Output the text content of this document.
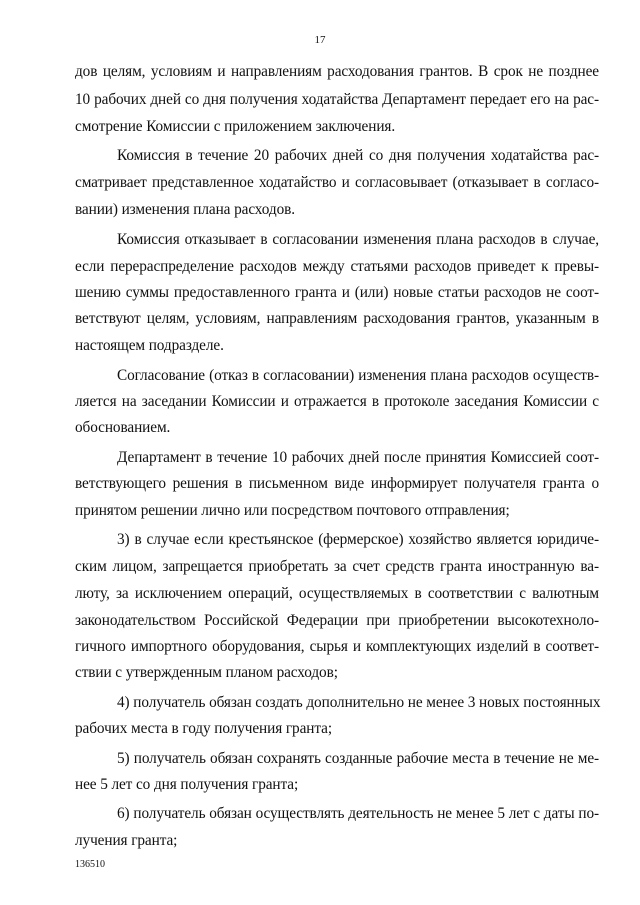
17
дов целям, условиям и направлениям расходования грантов. В срок не позднее
10 рабочих дней со дня получения ходатайства Департамент передает его на рас-
смотрение Комиссии с приложением заключения.
Комиссия в течение 20 рабочих дней со дня получения ходатайства рас-
сматривает представленное ходатайство и согласовывает (отказывает в согласо-
вании) изменения плана расходов.
Комиссия отказывает в согласовании изменения плана расходов в случае,
если перераспределение расходов между статьями расходов приведет к превы-
шению суммы предоставленного гранта и (или) новые статьи расходов не соот-
ветствуют целям, условиям, направлениям расходования грантов, указанным в
настоящем подразделе.
Согласование (отказ в согласовании) изменения плана расходов осуществ-
ляется на заседании Комиссии и отражается в протоколе заседания Комиссии с
обоснованием.
Департамент в течение 10 рабочих дней после принятия Комиссией соот-
ветствующего решения в письменном виде информирует получателя гранта о
принятом решении лично или посредством почтового отправления;
3) в случае если крестьянское (фермерское) хозяйство является юридиче-
ским лицом, запрещается приобретать за счет средств гранта иностранную ва-
люту, за исключением операций, осуществляемых в соответствии с валютным
законодательством Российской Федерации при приобретении высокотехноло-
гичного импортного оборудования, сырья и комплектующих изделий в соответ-
ствии с утвержденным планом расходов;
4) получатель обязан создать дополнительно не менее 3 новых постоянных
рабочих места в году получения гранта;
5) получатель обязан сохранять созданные рабочие места в течение не ме-
нее 5 лет со дня получения гранта;
6) получатель обязан осуществлять деятельность не менее 5 лет с даты по-
лучения гранта;
136510
